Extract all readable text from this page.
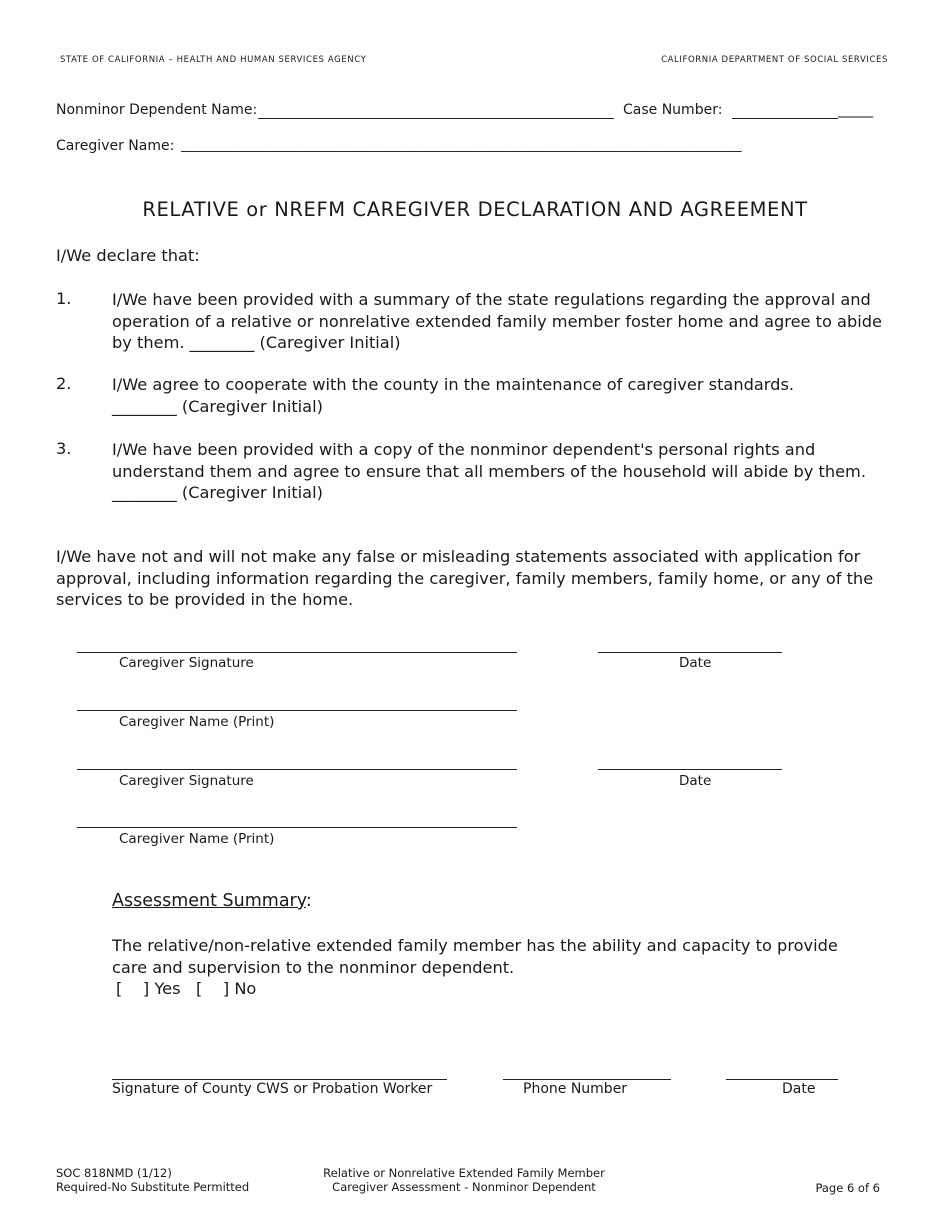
STATE OF CALIFORNIA – HEALTH AND HUMAN SERVICES AGENCY	CALIFORNIA DEPARTMENT OF SOCIAL SERVICES
Nonminor Dependent Name:	Case Number:	_____
Caregiver Name: _____________________________________________________________________________________
RELATIVE or NREFM CAREGIVER DECLARATION AND AGREEMENT
I/We declare that:
1.	I/We have been provided with a summary of the state regulations regarding the approval and operation of a relative or nonrelative extended family member foster home and agree to abide by them. ________ (Caregiver Initial)
2.	I/We agree to cooperate with the county in the maintenance of caregiver standards. ________ (Caregiver Initial)
3.	I/We have been provided with a copy of the nonminor dependent's personal rights and understand them and agree to ensure that all members of the household will abide by them. ________ (Caregiver Initial)
I/We have not and will not make any false or misleading statements associated with application for approval, including information regarding the caregiver, family members, family home, or any of the services to be provided in the home.
Caregiver Signature	Date
Caregiver Name (Print)
Caregiver Signature	Date
Caregiver Name (Print)
Assessment Summary:
The relative/non-relative extended family member has the ability and capacity to provide care and supervision to the nonminor dependent.
[    ] Yes [    ] No
Signature of County CWS or Probation Worker	Phone Number	Date
SOC 818NMD (1/12)
Required-No Substitute Permitted
Relative or Nonrelative Extended Family Member
Caregiver Assessment - Nonminor Dependent	Page 6 of 6
